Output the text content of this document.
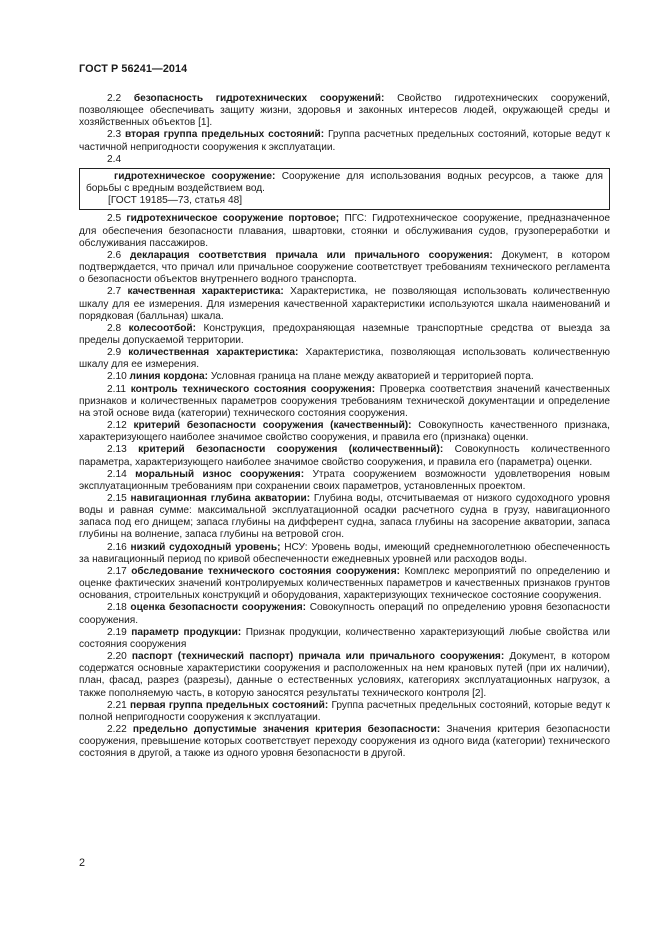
ГОСТ Р 56241—2014

2.2 безопасность гидротехнических сооружений: Свойство гидротехнических сооружений, позволяющее обеспечивать защиту жизни, здоровья и законных интересов людей, окружающей среды и хозяйственных объектов [1].

2.3 вторая группа предельных состояний: Группа расчетных предельных состояний, которые ведут к частичной непригодности сооружения к эксплуатации.

2.4

гидротехническое сооружение: Сооружение для использования водных ресурсов, а также для борьбы с вредным воздействием вод.

[ГОСТ 19185—73, статья 48]

2.5 гидротехническое сооружение портовое; ПГС: Гидротехническое сооружение, предназначенное для обеспечения безопасности плавания, швартовки, стоянки и обслуживания судов, грузопереработки и обслуживания пассажиров.

2.6 декларация соответствия причала или причального сооружения: Документ, в котором подтверждается, что причал или причальное сооружение соответствует требованиям технического регламента о безопасности объектов внутреннего водного транспорта.

2.7 качественная характеристика: Характеристика, не позволяющая использовать количественную шкалу для ее измерения. Для измерения качественной характеристики используются шкала наименований и порядковая (балльная) шкала.

2.8 колесоотбой: Конструкция, предохраняющая наземные транспортные средства от выезда за пределы допускаемой территории.

2.9 количественная характеристика: Характеристика, позволяющая использовать количественную шкалу для ее измерения.

2.10 линия кордона: Условная граница на плане между акваторией и территорией порта.

2.11 контроль технического состояния сооружения: Проверка соответствия значений качественных признаков и количественных параметров сооружения требованиям технической документации и определение на этой основе вида (категории) технического состояния сооружения.

2.12 критерий безопасности сооружения (качественный): Совокупность качественного признака, характеризующего наиболее значимое свойство сооружения, и правила его (признака) оценки.

2.13 критерий безопасности сооружения (количественный): Совокупность количественного параметра, характеризующего наиболее значимое свойство сооружения, и правила его (параметра) оценки.

2.14 моральный износ сооружения: Утрата сооружением возможности удовлетворения новым эксплуатационным требованиям при сохранении своих параметров, установленных проектом.

2.15 навигационная глубина акватории: Глубина воды, отсчитываемая от низкого судоходного уровня воды и равная сумме: максимальной эксплуатационной осадки расчетного судна в грузу, навигационного запаса под его днищем; запаса глубины на дифферент судна, запаса глубины на засорение акватории, запаса глубины на волнение, запаса глубины на ветровой сгон.

2.16 низкий судоходный уровень; НСУ: Уровень воды, имеющий среднемноголетнюю обеспеченность за навигационный период по кривой обеспеченности ежедневных уровней или расходов воды.

2.17 обследование технического состояния сооружения: Комплекс мероприятий по определению и оценке фактических значений контролируемых количественных параметров и качественных признаков грунтов основания, строительных конструкций и оборудования, характеризующих техническое состояние сооружения.

2.18 оценка безопасности сооружения: Совокупность операций по определению уровня безопасности сооружения.

2.19 параметр продукции: Признак продукции, количественно характеризующий любые свойства или состояния сооружения

2.20 паспорт (технический паспорт) причала или причального сооружения: Документ, в котором содержатся основные характеристики сооружения и расположенных на нем крановых путей (при их наличии), план, фасад, разрез (разрезы), данные о естественных условиях, категориях эксплуатационных нагрузок, а также пополняемую часть, в которую заносятся результаты технического контроля [2].

2.21 первая группа предельных состояний: Группа расчетных предельных состояний, которые ведут к полной непригодности сооружения к эксплуатации.

2.22 предельно допустимые значения критерия безопасности: Значения критерия безопасности сооружения, превышение которых соответствует переходу сооружения из одного вида (категории) технического состояния в другой, а также из одного уровня безопасности в другой.

2
